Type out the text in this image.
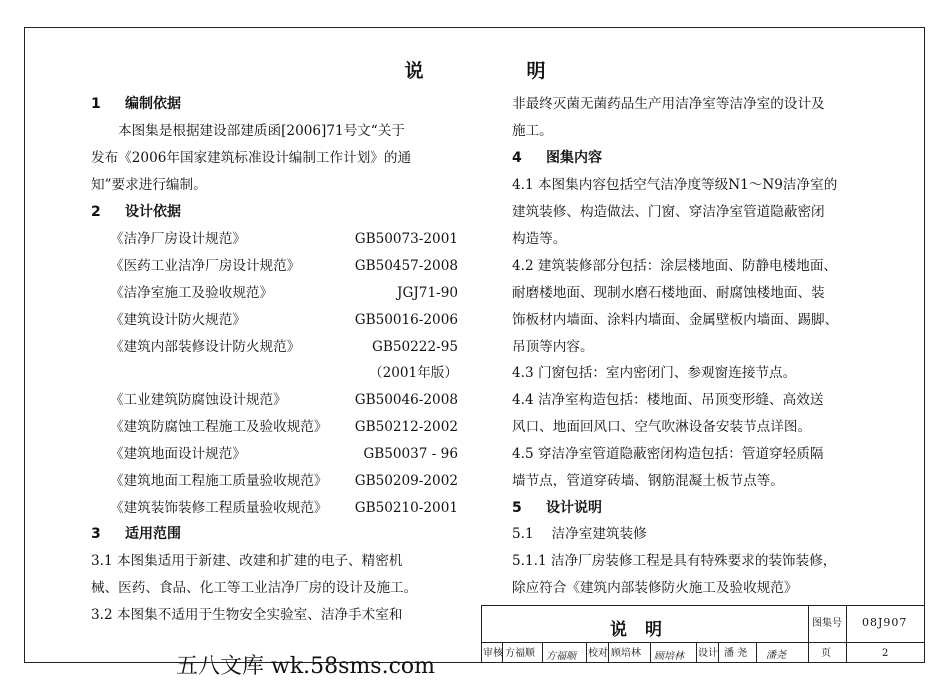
说　明
1 编制依据
本图集是根据建设部建质函[2006]71号文“关于
发布《2006年国家建筑标准设计编制工作计划》的通
知”要求进行编制。
2 设计依据
《洁净厂房设计规范》	GB50073-2001
《医药工业洁净厂房设计规范》	GB50457-2008
《洁净室施工及验收规范》	JGJ71-90
《建筑设计防火规范》	GB50016-2006
《建筑内部装修设计防火规范》	GB50222-95
（2001年版）
《工业建筑防腐蚀设计规范》	GB50046-2008
《建筑防腐蚀工程施工及验收规范》 GB50212-2002
《建筑地面设计规范》	GB50037 - 96
《建筑地面工程施工质量验收规范》 GB50209-2002
《建筑装饰装修工程质量验收规范》 GB50210-2001
3 适用范围
3.1 本图集适用于新建、改建和扩建的电子、精密机
械、医药、食品、化工等工业洁净厂房的设计及施工。
3.2 本图集不适用于生物安全实验室、洁净手术室和
非最终灭菌无菌药品生产用洁净室等洁净室的设计及
施工。
4 图集内容
4.1 本图集内容包括空气洁净度等级N1～N9洁净室的
建筑装修、构造做法、门窗、穿洁净室管道隐蔽密闭
构造等。
4.2 建筑装修部分包括：涂层楼地面、防静电楼地面、
耐磨楼地面、现制水磨石楼地面、耐腐蚀楼地面、装
饰板材内墙面、涂料内墙面、金属壁板内墙面、踢脚、
吊顶等内容。
4.3 门窗包括：室内密闭门、参观窗连接节点。
4.4 洁净室构造包括：楼地面、吊顶变形缝、高效送
风口、地面回风口、空气吹淋设备安装节点详图。
4.5 穿洁净室管道隐蔽密闭构造包括：管道穿轻质隔
墙节点，管道穿砖墙、钢筋混凝土板节点等。
5 设计说明
5.1　 洁净室建筑装修
5.1.1 洁净厂房装修工程是具有特殊要求的装饰装修，
除应符合《建筑内部装修防火施工及验收规范》
说明	图集号 08J907
审核 方福顺 方福顺 校对 顾培林 顾培林 设计 潘 尧 潘尧	页	2
五八文库 wk.58sms.com
